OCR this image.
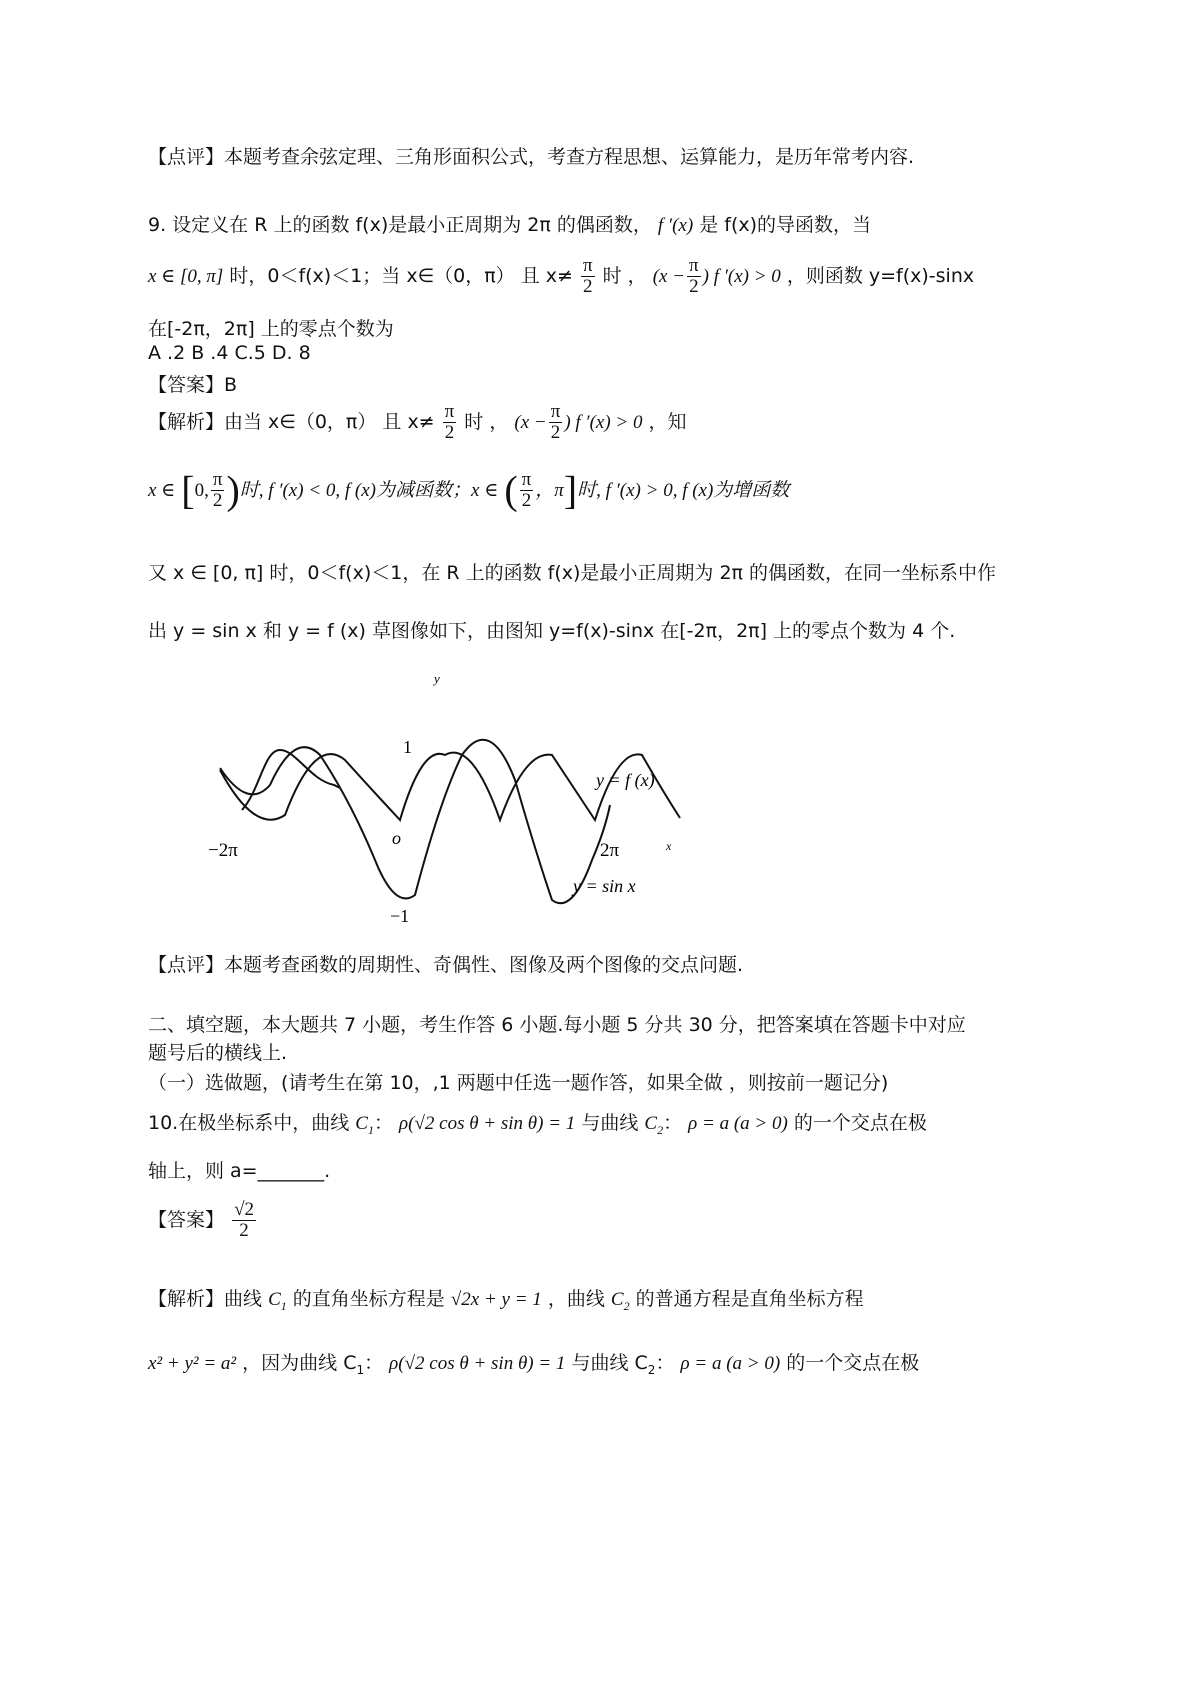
【点评】本题考查余弦定理、三角形面积公式，考查方程思想、运算能力，是历年常考内容.
9. 设定义在 R 上的函数 f(x)是最小正周期为 2π 的偶函数， f ′(x) 是 f(x)的导函数，当
x ∈ [0, π] 时，0＜f(x)＜1；当 x∈（0，π） 且 $x\ne \frac{\pi}{2}$ 时 ， ($x - \frac{\pi}{2}$ ) f ′(x) > 0 ，则函数 y=f(x)-sinx
在[-2π，2π] 上的零点个数为
A .2 B .4 C.5 D. 8
【答案】B
【解析】由当 x∈（0，π） 且 $x\ne \frac{\pi}{2}$ 时 ， ($x - \frac{\pi}{2}$ ) f ′(x) > 0 ，知
x ∈ [0, $\frac{\pi}{2}$ )时, f ′(x) < 0, f (x)为减函数；x ∈ ( $\frac{\pi}{2}$ ，π]时, f ′(x) > 0, f (x)为增函数
又 x ∈ [0, π] 时，0＜f(x)＜1，在 R 上的函数 f(x)是最小正周期为 2π 的偶函数，在同一坐标系中作
出 y = sin x 和 y = f (x) 草图像如下，由图知 y=f(x)-sinx 在[-2π，2π] 上的零点个数为 4 个.
y
x
1
−1
o
−2π	2π
y = f (x)
y = sin x
【点评】本题考查函数的周期性、奇偶性、图像及两个图像的交点问题.
二、填空题，本大题共 7 小题，考生作答 6 小题.每小题 5 分共 30 分，把答案填在答题卡中对应
题号后的横线上.
（一）选做题，(请考生在第 10，,1 两题中任选一题作答，如果全做 ，则按前一题记分)
10.在极坐标系中，曲线 $C_1$： ρ(√2 cos θ + sin θ) = 1 与曲线 $C_2$： ρ = a (a > 0) 的一个交点在极
轴上，则 a=_______.
【答案】 $\frac{√2}{2}$
【解析】曲线 $C_1$ 的直角坐标方程是 √2x + y = 1 ，曲线 $C_2$ 的普通方程是直角坐标方程
x² + y² = a² ，因为曲线 $C_1$： ρ(√2 cos θ + sin θ) = 1 与曲线 $C_2$： ρ = a (a > 0) 的一个交点在极
